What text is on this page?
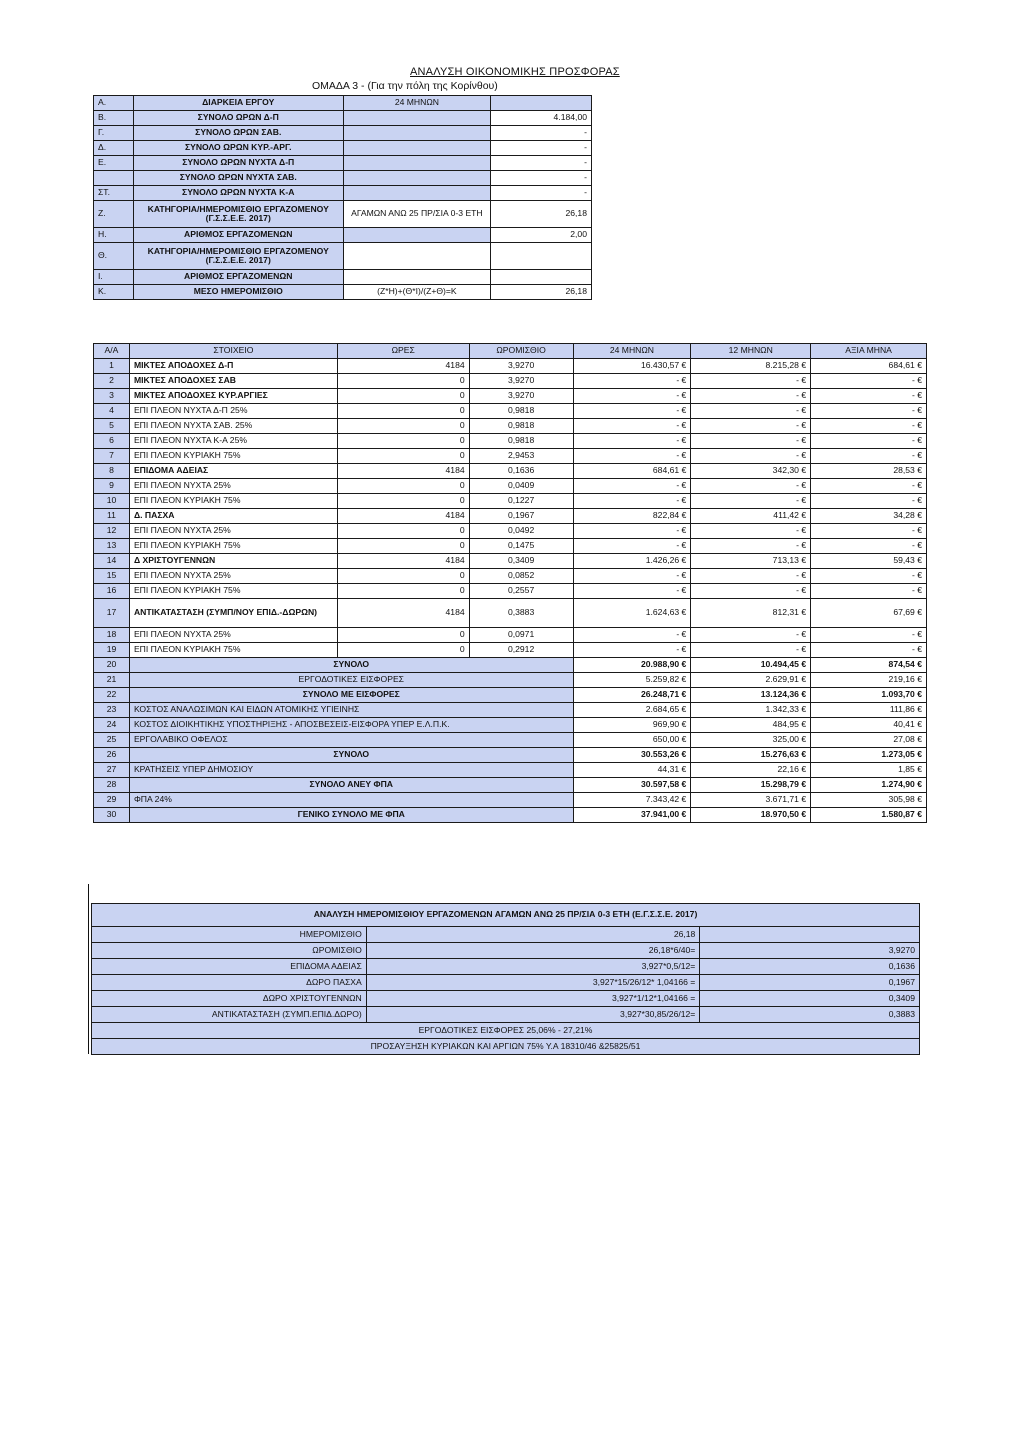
ΑΝΑΛΥΣΗ ΟΙΚΟΝΟΜΙΚΗΣ ΠΡΟΣΦΟΡΑΣ
ΟΜΑΔΑ 3 - (Για την πόλη της Κορίνθου)
Α.	ΔΙΑΡΚΕΙΑ ΕΡΓΟΥ	24 ΜΗΝΩΝ	
Β.	ΣΥΝΟΛΟ ΩΡΩΝ Δ-Π		4.184,00
Γ.	ΣΥΝΟΛΟ ΩΡΩΝ ΣΑΒ.		-
Δ.	ΣΥΝΟΛΟ ΩΡΩΝ ΚΥΡ.-ΑΡΓ.		-
Ε.	ΣΥΝΟΛΟ ΩΡΩΝ ΝΥΧΤΑ Δ-Π		-
	ΣΥΝΟΛΟ ΩΡΩΝ ΝΥΧΤΑ ΣΑΒ.		-
ΣΤ.	ΣΥΝΟΛΟ ΩΡΩΝ ΝΥΧΤΑ Κ-Α		-
Ζ.	ΚΑΤΗΓΟΡΙΑ/ΗΜΕΡΟΜΙΣΘΙΟ ΕΡΓΑΖΟΜΕΝΟΥ (Γ.Σ.Σ.Ε.Ε. 2017)	ΑΓΑΜΩΝ ΑΝΩ 25 ΠΡ/ΣΙΑ 0-3 ΕΤΗ	26,18
Η.	ΑΡΙΘΜΟΣ ΕΡΓΑΖΟΜΕΝΩΝ		2,00
Θ.	ΚΑΤΗΓΟΡΙΑ/ΗΜΕΡΟΜΙΣΘΙΟ ΕΡΓΑΖΟΜΕΝΟΥ (Γ.Σ.Σ.Ε.Ε. 2017)		
Ι.	ΑΡΙΘΜΟΣ ΕΡΓΑΖΟΜΕΝΩΝ		
Κ.	ΜΕΣΟ ΗΜΕΡΟΜΙΣΘΙΟ	(Ζ*Η)+(Θ*Ι)/(Ζ+Θ)=Κ	26,18
Α/Α	ΣΤΟΙΧΕΙΟ	ΩΡΕΣ	ΩΡΟΜΙΣΘΙΟ	24 ΜΗΝΩΝ	12 ΜΗΝΩΝ	ΑΞΙΑ ΜΗΝΑ
1	ΜΙΚΤΕΣ ΑΠΟΔΟΧΕΣ Δ-Π	4184	3,9270	16.430,57 €	8.215,28 €	684,61 €
2	ΜΙΚΤΕΣ ΑΠΟΔΟΧΕΣ ΣΑΒ	0	3,9270	- €	- €	- €
3	ΜΙΚΤΕΣ ΑΠΟΔΟΧΕΣ ΚΥΡ.ΑΡΓΙΕΣ	0	3,9270	- €	- €	- €
4	ΕΠΙ ΠΛΕΟΝ ΝΥΧΤΑ Δ-Π 25%	0	0,9818	- €	- €	- €
5	ΕΠΙ ΠΛΕΟΝ ΝΥΧΤΑ ΣΑΒ. 25%	0	0,9818	- €	- €	- €
6	ΕΠΙ ΠΛΕΟΝ ΝΥΧΤΑ Κ-Α 25%	0	0,9818	- €	- €	- €
7	ΕΠΙ ΠΛΕΟΝ ΚΥΡΙΑΚΗ 75%	0	2,9453	- €	- €	- €
8	ΕΠΙΔΟΜΑ ΑΔΕΙΑΣ	4184	0,1636	684,61 €	342,30 €	28,53 €
9	ΕΠΙ ΠΛΕΟΝ ΝΥΧΤΑ 25%	0	0,0409	- €	- €	- €
10	ΕΠΙ ΠΛΕΟΝ ΚΥΡΙΑΚΗ 75%	0	0,1227	- €	- €	- €
11	Δ. ΠΑΣΧΑ	4184	0,1967	822,84 €	411,42 €	34,28 €
12	ΕΠΙ ΠΛΕΟΝ ΝΥΧΤΑ 25%	0	0,0492	- €	- €	- €
13	ΕΠΙ ΠΛΕΟΝ ΚΥΡΙΑΚΗ 75%	0	0,1475	- €	- €	- €
14	Δ ΧΡΙΣΤΟΥΓΕΝΝΩΝ	4184	0,3409	1.426,26 €	713,13 €	59,43 €
15	ΕΠΙ ΠΛΕΟΝ ΝΥΧΤΑ 25%	0	0,0852	- €	- €	- €
16	ΕΠΙ ΠΛΕΟΝ ΚΥΡΙΑΚΗ 75%	0	0,2557	- €	- €	- €
17	ΑΝΤΙΚΑΤΑΣΤΑΣΗ (ΣΥΜΠ/ΝΟΥ ΕΠΙΔ.-ΔΩΡΩΝ)	4184	0,3883	1.624,63 €	812,31 €	67,69 €
18	ΕΠΙ ΠΛΕΟΝ ΝΥΧΤΑ 25%	0	0,0971	- €	- €	- €
19	ΕΠΙ ΠΛΕΟΝ ΚΥΡΙΑΚΗ 75%	0	0,2912	- €	- €	- €
20	ΣΥΝΟΛΟ			20.988,90 €	10.494,45 €	874,54 €
21	ΕΡΓΟΔΟΤΙΚΕΣ ΕΙΣΦΟΡΕΣ			5.259,82 €	2.629,91 €	219,16 €
22	ΣΥΝΟΛΟ ΜΕ ΕΙΣΦΟΡΕΣ			26.248,71 €	13.124,36 €	1.093,70 €
23	ΚΟΣΤΟΣ ΑΝΑΛΩΣΙΜΩΝ ΚΑΙ ΕΙΔΩΝ ΑΤΟΜΙΚΗΣ ΥΓΙΕΙΝΗΣ			2.684,65 €	1.342,33 €	111,86 €
24	ΚΟΣΤΟΣ ΔΙΟΙΚΗΤΙΚΗΣ ΥΠΟΣΤΗΡΙΞΗΣ - ΑΠΟΣΒΕΣΕΙΣ-ΕΙΣΦΟΡΑ ΥΠΕΡ Ε.Λ.Π.Κ.			969,90 €	484,95 €	40,41 €
25	ΕΡΓΟΛΑΒΙΚΟ ΟΦΕΛΟΣ			650,00 €	325,00 €	27,08 €
26	ΣΥΝΟΛΟ			30.553,26 €	15.276,63 €	1.273,05 €
27	ΚΡΑΤΗΣΕΙΣ ΥΠΕΡ ΔΗΜΟΣΙΟΥ			44,31 €	22,16 €	1,85 €
28	ΣΥΝΟΛΟ ΑΝΕΥ ΦΠΑ			30.597,58 €	15.298,79 €	1.274,90 €
29	ΦΠΑ 24%			7.343,42 €	3.671,71 €	305,98 €
30	ΓΕΝΙΚΟ ΣΥΝΟΛΟ ΜΕ ΦΠΑ			37.941,00 €	18.970,50 €	1.580,87 €
ΑΝΑΛΥΣΗ ΗΜΕΡΟΜΙΣΘΙΟΥ ΕΡΓΑΖΟΜΕΝΩΝ ΑΓΑΜΩΝ ΑΝΩ 25 ΠΡ/ΣΙΑ 0-3 ΕΤΗ (Ε.Γ.Σ.Σ.Ε. 2017)		
ΗΜΕΡΟΜΙΣΘΙΟ	26,18	
ΩΡΟΜΙΣΘΙΟ	26,18*6/40=	3,9270
ΕΠΙΔΟΜΑ ΑΔΕΙΑΣ	3,927*0,5/12=	0,1636
ΔΩΡΟ ΠΑΣΧΑ	3,927*15/26/12* 1,04166 =	0,1967
ΔΩΡΟ ΧΡΙΣΤΟΥΓΕΝΝΩΝ	3,927*1/12*1,04166 =	0,3409
ΑΝΤΙΚΑΤΑΣΤΑΣΗ (ΣΥΜΠ.ΕΠΙΔ.ΔΩΡΟ)	3,927*30,85/26/12=	0,3883
ΕΡΓΟΔΟΤΙΚΕΣ ΕΙΣΦΟΡΕΣ 25,06% - 27,21%		
ΠΡΟΣΑΥΞΗΣΗ ΚΥΡΙΑΚΩΝ ΚΑΙ ΑΡΓΙΩΝ 75% Υ.Α 18310/46 &25825/51		
